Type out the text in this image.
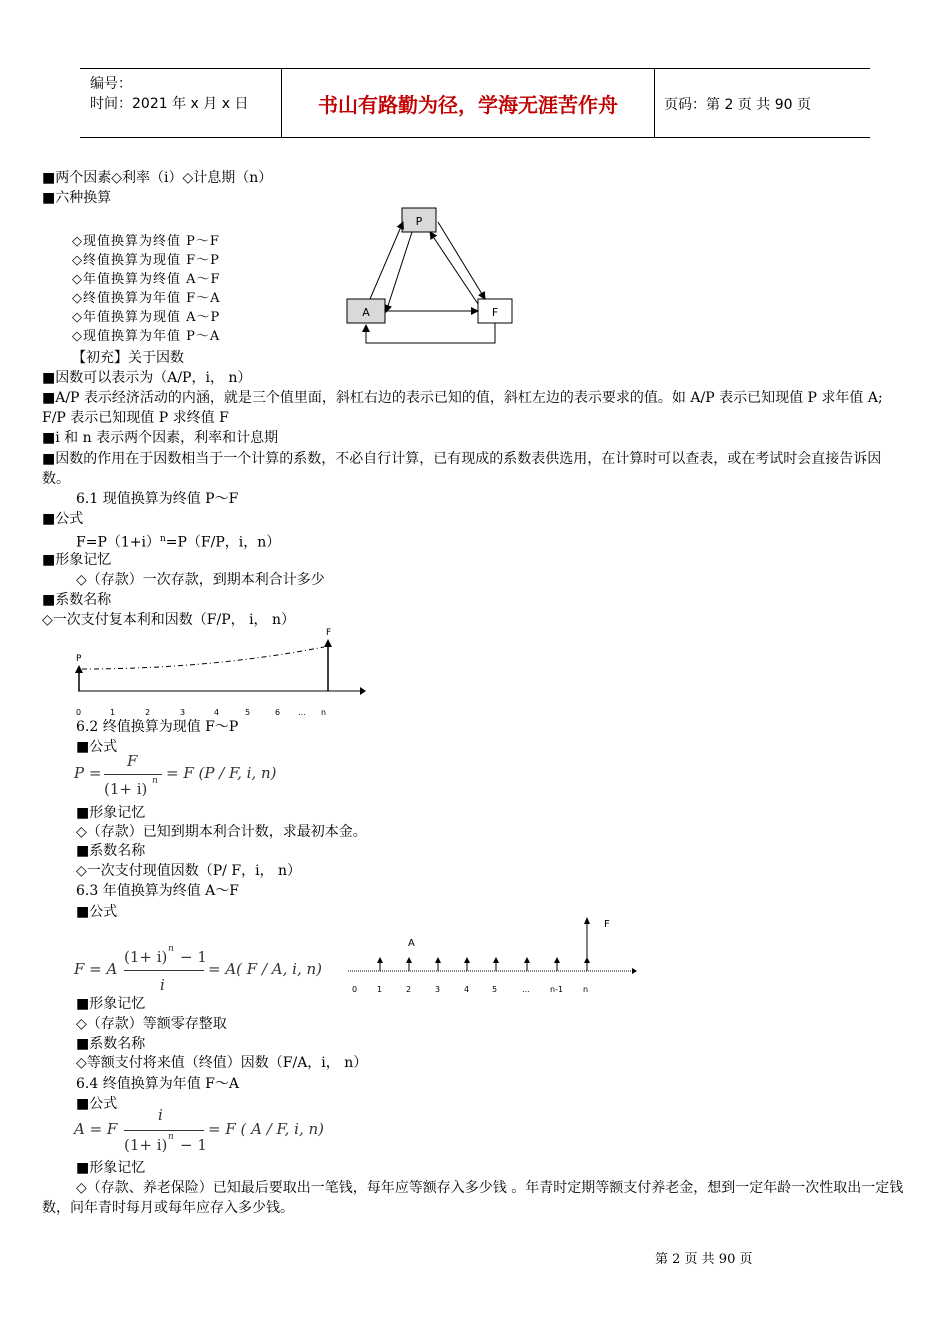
编号：
时间：2021 年 x 月 x 日	书山有路勤为径，学海无涯苦作舟	页码：第 2 页 共 90 页
■两个因素◇利率（i）◇计息期（n）
■六种换算
◇现值换算为终值 P～F
◇终值换算为现值 F～P
◇年值换算为终值 A～F
◇终值换算为年值 F～A
◇年值换算为现值 A～P
◇现值换算为年值 P～A
P
A	F
【初充】关于因数
■因数可以表示为（A/P，i， n）
■A/P 表示经济活动的内涵，就是三个值里面，斜杠右边的表示已知的值，斜杠左边的表示要求的值。如 A/P 表示已知现值 P 求年值 A; F/P 表示已知现值 P 求终值 F
■i 和 n 表示两个因素，利率和计息期
■因数的作用在于因数相当于一个计算的系数，不必自行计算，已有现成的系数表供选用，在计算时可以查表，或在考试时会直接告诉因数。
6.1 现值换算为终值 P～F
■公式
$F=P(1+i)^n=P(F/P$，i，n）
■形象记忆
◇（存款）一次存款，到期本利合计多少
■系数名称
◇一次支付复本利和因数（F/P， i， n）
P
F
0	1	2	3	4	5	6 … n
6.2 终值换算为现值 F～P
■公式
P =
F
(1+ i) n = F (P / F, i, n)
■形象记忆
◇（存款）已知到期本利合计数，求最初本金。
■系数名称
◇一次支付现值因数（P/ F，i， n）
6.3 年值换算为终值 A～F
■公式
F = A
(1+ i) n − 1
i
= A( F / A, i, n)
A
F
0 1	2	3	4	5	…	n-1 n
■形象记忆
◇（存款）等额零存整取
■系数名称
◇等额支付将来值（终值）因数（F/A，i， n）
6.4 终值换算为年值 F～A
■公式
A = F
i
(1+ i) n − 1
= F ( A / F, i, n)
■形象记忆
◇（存款、养老保险）已知最后要取出一笔钱，每年应等额存入多少钱 。年青时定期等额支付养老金，想到一定年龄一次性取出一定钱数，问年青时每月或每年应存入多少钱。
第 2 页 共 90 页
